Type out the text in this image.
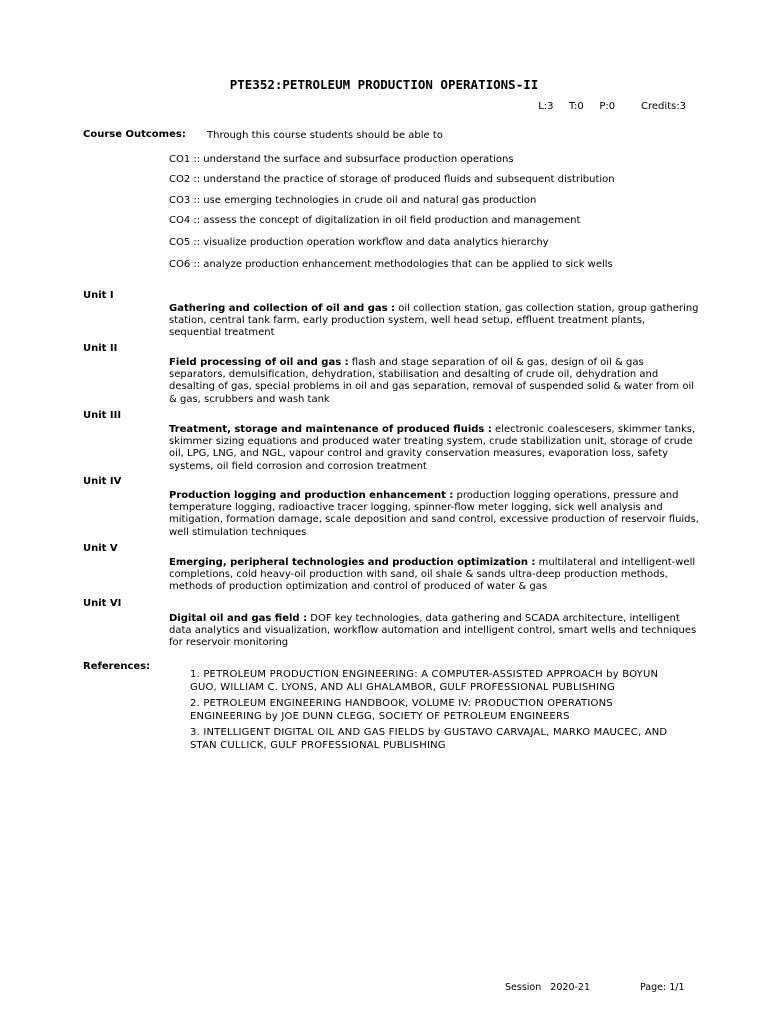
PTE352:PETROLEUM PRODUCTION OPERATIONS-II
L:3   T:0   P:0     Credits:3
Course Outcomes: Through this course students should be able to
CO1 :: understand the surface and subsurface production operations
CO2 :: understand the practice of storage of produced fluids and subsequent distribution
CO3 :: use emerging technologies in crude oil and natural gas production
CO4 :: assess the concept of digitalization in oil field production and management
CO5 :: visualize production operation workflow and data analytics hierarchy
CO6 :: analyze production enhancement methodologies that can be applied to sick wells
Unit I
Gathering and collection of oil and gas : oil collection station, gas collection station, group gathering station, central tank farm, early production system, well head setup, effluent treatment plants, sequential treatment
Unit II
Field processing of oil and gas : flash and stage separation of oil & gas, design of oil & gas separators, demulsification, dehydration, stabilisation and desalting of crude oil, dehydration and desalting of gas, special problems in oil and gas separation, removal of suspended solid & water from oil & gas, scrubbers and wash tank
Unit III
Treatment, storage and maintenance of produced fluids : electronic coalescesers, skimmer tanks, skimmer sizing equations and produced water treating system, crude stabilization unit, storage of crude oil, LPG, LNG, and NGL, vapour control and gravity conservation measures, evaporation loss, safety systems, oil field corrosion and corrosion treatment
Unit IV
Production logging and production enhancement : production logging operations, pressure and temperature logging, radioactive tracer logging, spinner-flow meter logging, sick well analysis and mitigation, formation damage, scale deposition and sand control, excessive production of reservoir fluids, well stimulation techniques
Unit V
Emerging, peripheral technologies and production optimization : multilateral and intelligent-well completions, cold heavy-oil production with sand, oil shale & sands ultra-deep production methods, methods of production optimization and control of produced of water & gas
Unit VI
Digital oil and gas field : DOF key technologies, data gathering and SCADA architecture, intelligent data analytics and visualization, workflow automation and intelligent control, smart wells and techniques for reservoir monitoring
References:
1. PETROLEUM PRODUCTION ENGINEERING: A COMPUTER-ASSISTED APPROACH by BOYUN GUO, WILLIAM C. LYONS, AND ALI GHALAMBOR, GULF PROFESSIONAL PUBLISHING
2. PETROLEUM ENGINEERING HANDBOOK, VOLUME IV: PRODUCTION OPERATIONS ENGINEERING by JOE DUNN CLEGG, SOCIETY OF PETROLEUM ENGINEERS
3. INTELLIGENT DIGITAL OIL AND GAS FIELDS by GUSTAVO CARVAJAL, MARKO MAUCEC, AND STAN CULLICK, GULF PROFESSIONAL PUBLISHING
Session   2020-21	Page: 1/1
